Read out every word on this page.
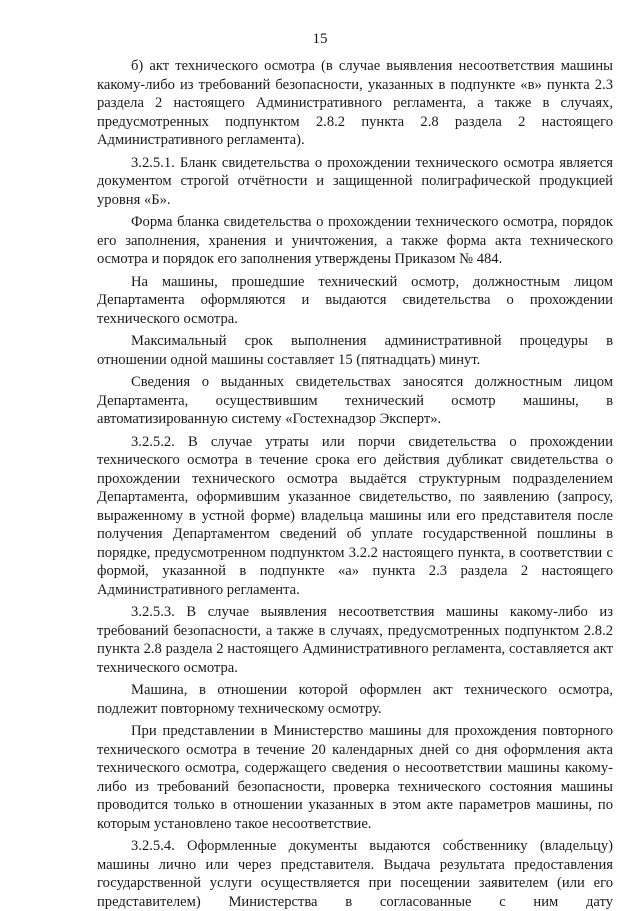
15

б) акт технического осмотра (в случае выявления несоответствия машины какому-либо из требований безопасности, указанных в подпункте «в» пункта 2.3 раздела 2 настоящего Административного регламента, а также в случаях, предусмотренных подпунктом 2.8.2 пункта 2.8 раздела 2 настоящего Административного регламента).

3.2.5.1. Бланк свидетельства о прохождении технического осмотра является документом строгой отчётности и защищенной полиграфической продукцией уровня «Б».

Форма бланка свидетельства о прохождении технического осмотра, порядок его заполнения, хранения и уничтожения, а также форма акта технического осмотра и порядок его заполнения утверждены Приказом № 484.

На машины, прошедшие технический осмотр, должностным лицом Департамента оформляются и выдаются свидетельства о прохождении технического осмотра.

Максимальный срок выполнения административной процедуры в отношении одной машины составляет 15 (пятнадцать) минут.

Сведения о выданных свидетельствах заносятся должностным лицом Департамента, осуществившим технический осмотр машины, в автоматизированную систему «Гостехнадзор Эксперт».

3.2.5.2. В случае утраты или порчи свидетельства о прохождении технического осмотра в течение срока его действия дубликат свидетельства о прохождении технического осмотра выдаётся структурным подразделением Департамента, оформившим указанное свидетельство, по заявлению (запросу, выраженному в устной форме) владельца машины или его представителя после получения Департаментом сведений об уплате государственной пошлины в порядке, предусмотренном подпунктом 3.2.2 настоящего пункта, в соответствии с формой, указанной в подпункте «а» пункта 2.3 раздела 2 настоящего Административного регламента.

3.2.5.3. В случае выявления несоответствия машины какому-либо из требований безопасности, а также в случаях, предусмотренных подпунктом 2.8.2 пункта 2.8 раздела 2 настоящего Административного регламента, составляется акт технического осмотра.

Машина, в отношении которой оформлен акт технического осмотра, подлежит повторному техническому осмотру.

При представлении в Министерство машины для прохождения повторного технического осмотра в течение 20 календарных дней со дня оформления акта технического осмотра, содержащего сведения о несоответствии машины какому-либо из требований безопасности, проверка технического состояния машины проводится только в отношении указанных в этом акте параметров машины, по которым установлено такое несоответствие.

3.2.5.4. Оформленные документы выдаются собственнику (владельцу) машины лично или через представителя. Выдача результата предоставления государственной услуги осуществляется при посещении заявителем (или его представителем) Министерства в согласованные с ним дату
